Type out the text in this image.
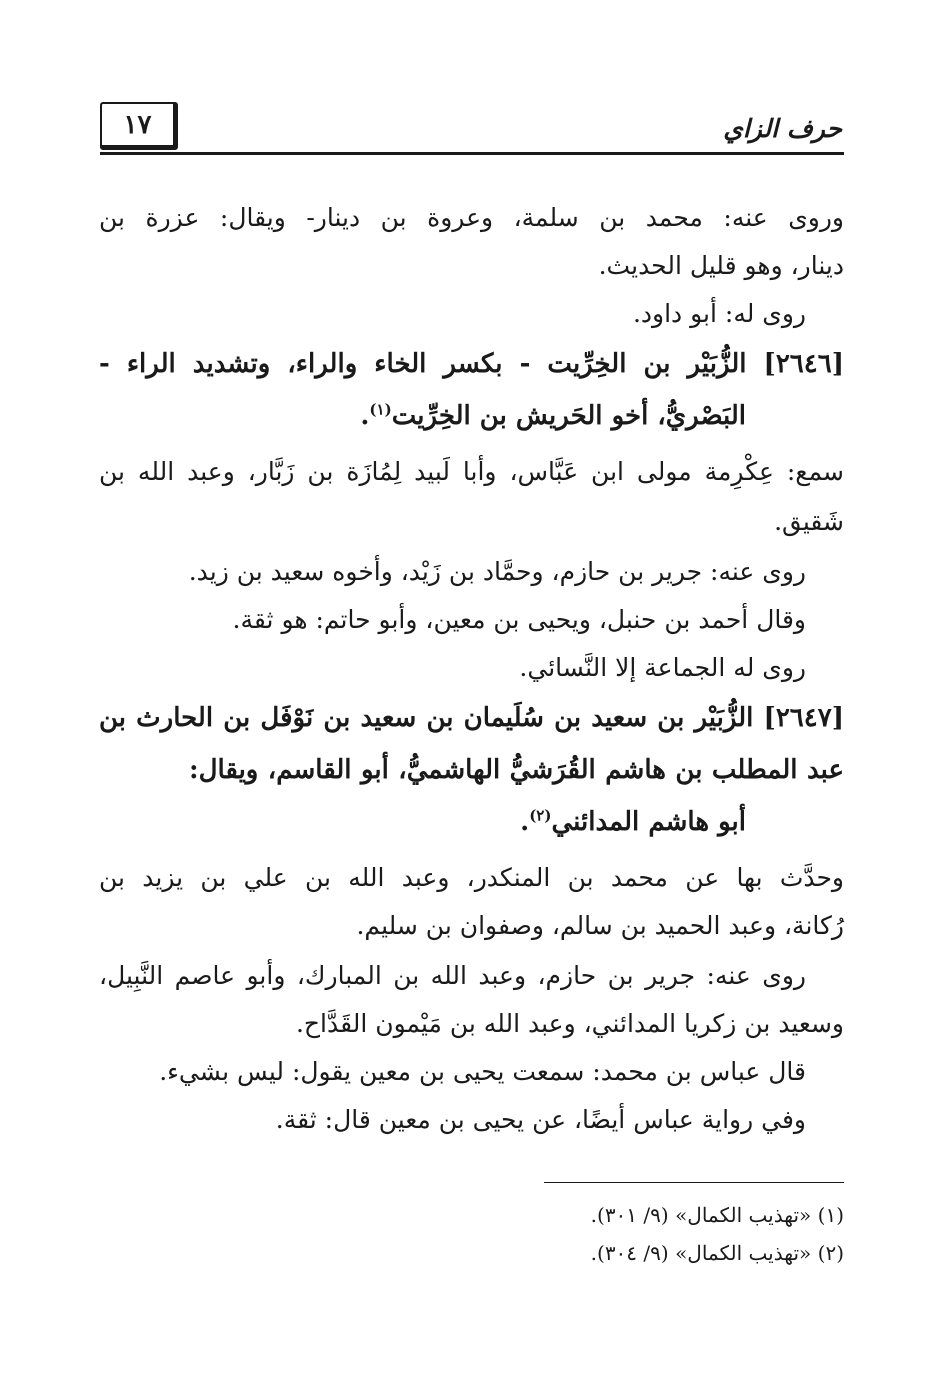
١٧	حرف الزاي
وروى عنه: محمد بن سلمة، وعروة بن دينار- ويقال: عزرة بن
دينار، وهو قليل الحديث.
روى له: أبو داود.
[٢٦٤٦] الزُّبَيْر بن الخِرِّيت - بكسر الخاء والراء، وتشديد الراء -
البَصْريُّ، أخو الحَريش بن الخِرِّيت$^{(١)}$.
سمع: عِكْرِمة مولى ابن عَبَّاس، وأبا لَبيد لِمُازَة بن زَبَّار، وعبد الله بن
شَقيق.
روى عنه: جرير بن حازم، وحمَّاد بن زَيْد، وأخوه سعيد بن زيد.
وقال أحمد بن حنبل، ويحيى بن معين، وأبو حاتم: هو ثقة.
روى له الجماعة إلا النَّسائي.
[٢٦٤٧] الزُّبَيْر بن سعيد بن سُلَيمان بن سعيد بن نَوْفَل بن الحارث بن
عبد المطلب بن هاشم القُرَشيُّ الهاشميُّ، أبو القاسم، ويقال:
أبو هاشم المدائني$^{(٢)}$.
وحدَّث بها عن محمد بن المنكدر، وعبد الله بن علي بن يزيد بن
رُكانة، وعبد الحميد بن سالم، وصفوان بن سليم.
روى عنه: جرير بن حازم، وعبد الله بن المبارك، وأبو عاصم النَّبِيل،
وسعيد بن زكريا المدائني، وعبد الله بن مَيْمون القَدَّاح.
قال عباس بن محمد: سمعت يحيى بن معين يقول: ليس بشيء.
وفي رواية عباس أيضًا، عن يحيى بن معين قال: ثقة.
(١) «تهذيب الكمال» (٩/ ٣٠١).
(٢) «تهذيب الكمال» (٩/ ٣٠٤).
